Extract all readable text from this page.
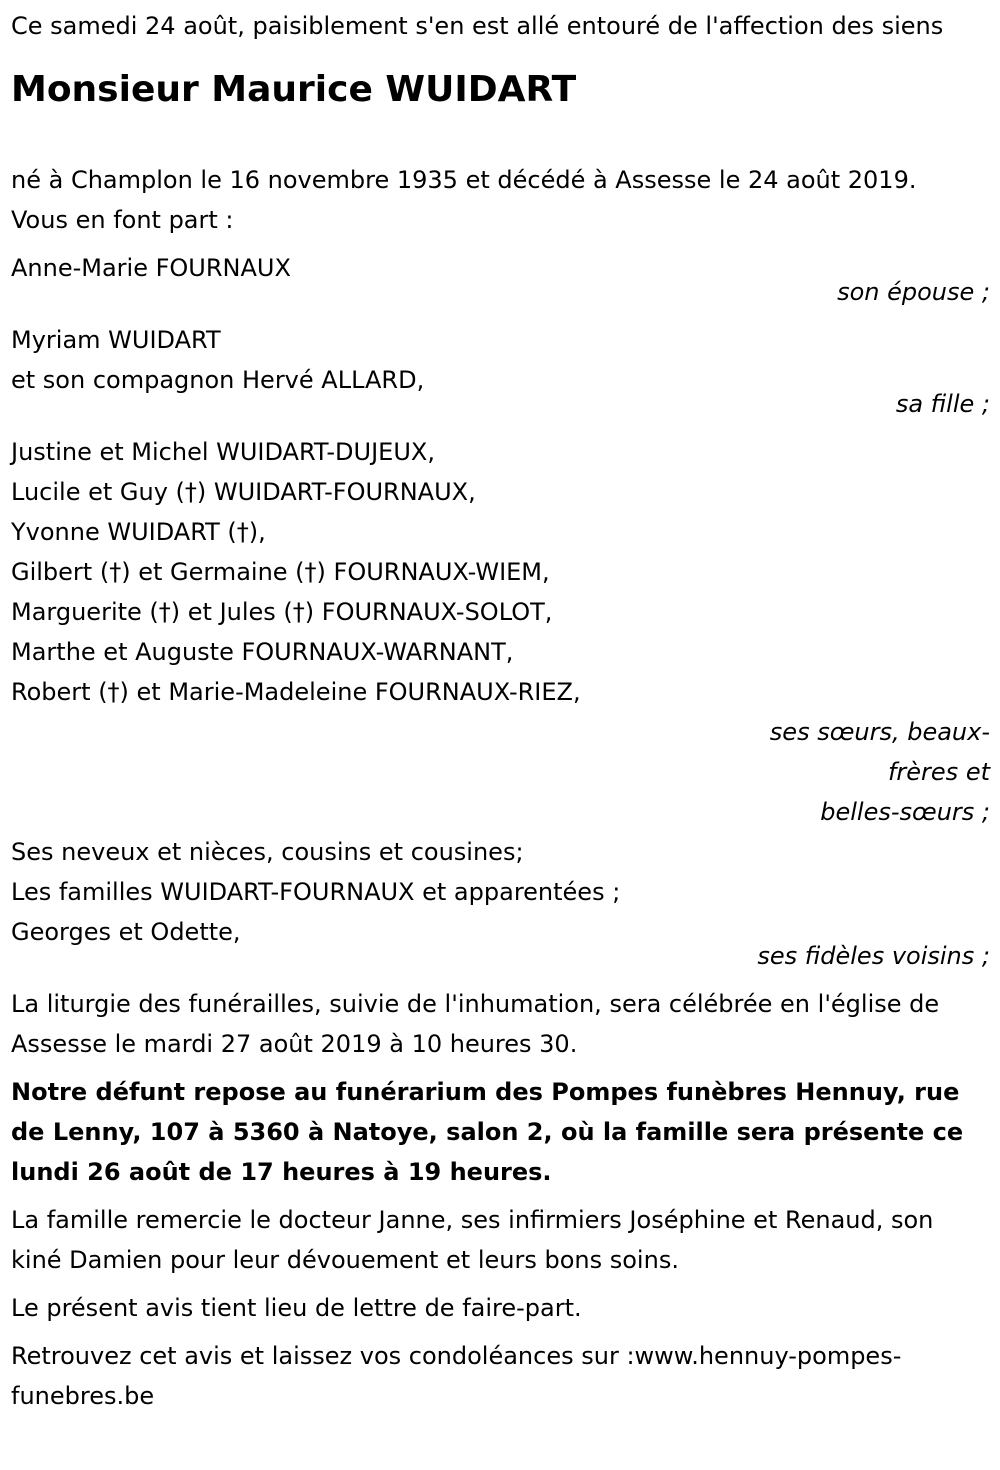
Ce samedi 24 août, paisiblement s'en est allé entouré de l'affection des siens

Monsieur Maurice WUIDART

né à Champlon le 16 novembre 1935 et décédé à Assesse le 24 août 2019.

Vous en font part :

Anne-Marie FOURNAUX
son épouse ;
Myriam WUIDART
et son compagnon Hervé ALLARD,
sa fille ;
Justine et Michel WUIDART-DUJEUX,
Lucile et Guy (†) WUIDART-FOURNAUX,
Yvonne WUIDART (†),
Gilbert (†) et Germaine (†) FOURNAUX-WIEM,
Marguerite (†) et Jules (†) FOURNAUX-SOLOT,
Marthe et Auguste FOURNAUX-WARNANT,
Robert (†) et Marie-Madeleine FOURNAUX-RIEZ,
ses sœurs, beaux-
frères et
belles-sœurs ;
Ses neveux et nièces, cousins et cousines;
Les familles WUIDART-FOURNAUX et apparentées ;
Georges et Odette,
ses fidèles voisins ;

La liturgie des funérailles, suivie de l'inhumation, sera célébrée en l'église de Assesse le mardi 27 août 2019 à 10 heures 30.

Notre défunt repose au funérarium des Pompes funèbres Hennuy, rue de Lenny, 107 à 5360 à Natoye, salon 2, où la famille sera présente ce lundi 26 août de 17 heures à 19 heures.

La famille remercie le docteur Janne, ses infirmiers Joséphine et Renaud, son kiné Damien pour leur dévouement et leurs bons soins.

Le présent avis tient lieu de lettre de faire-part.

Retrouvez cet avis et laissez vos condoléances sur :www.hennuy-pompes-funebres.be
